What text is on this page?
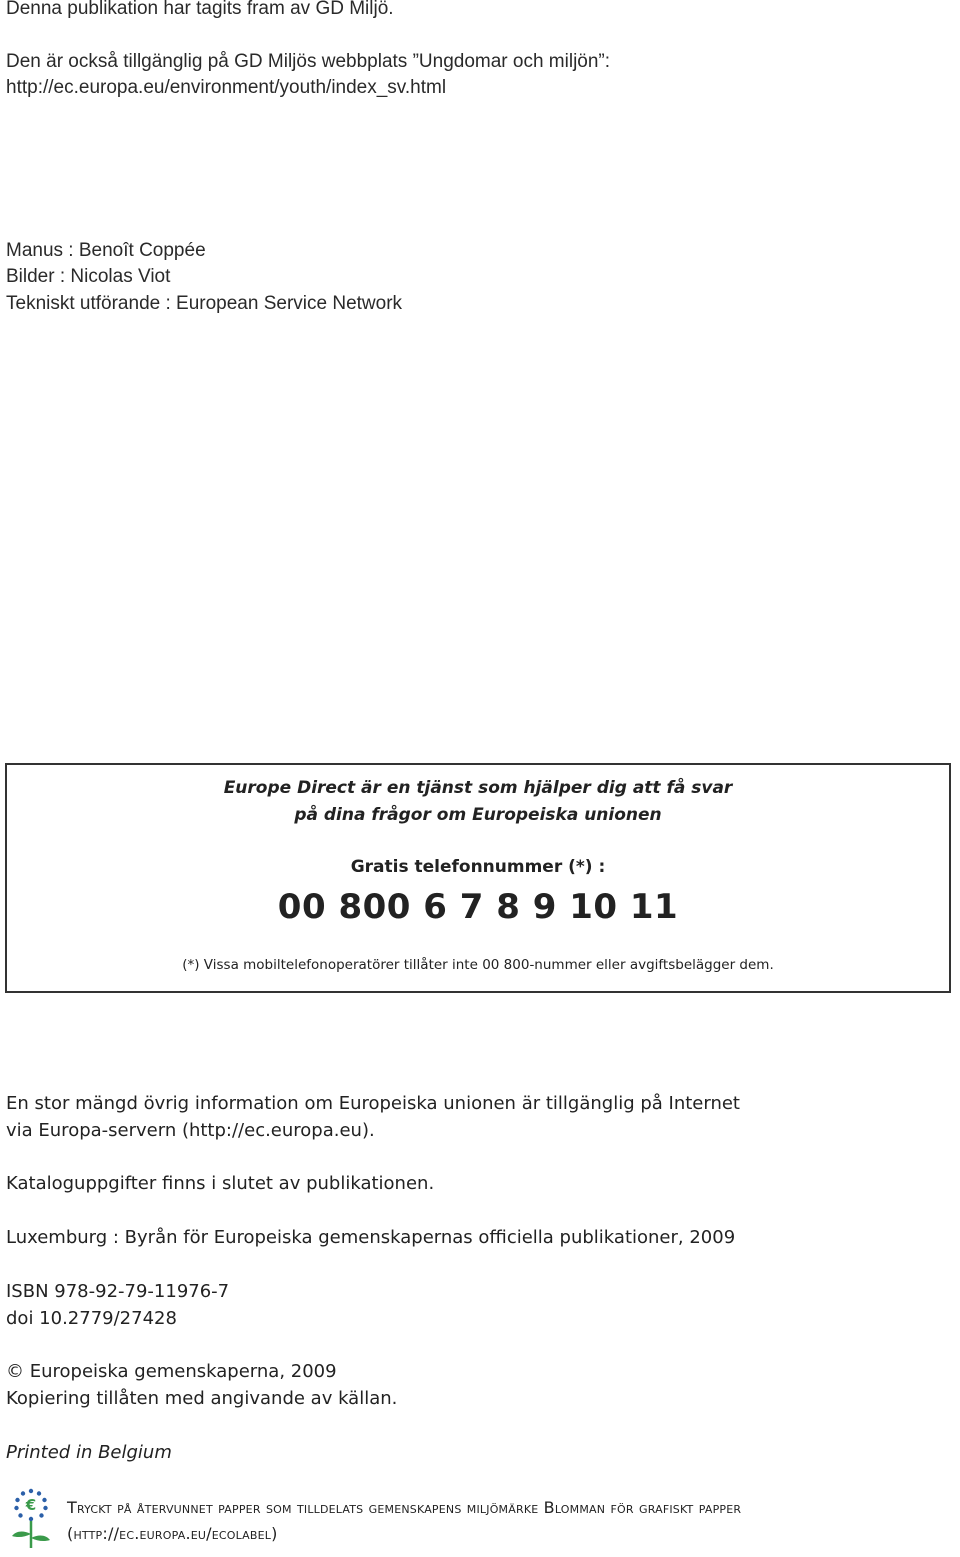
Denna publikation har tagits fram av GD Miljö.
Den är också tillgänglig på GD Miljös webbplats ”Ungdomar och miljön”:
http://ec.europa.eu/environment/youth/index_sv.html
Manus : Benoît Coppée
Bilder : Nicolas Viot
Tekniskt utförande : European Service Network
Europe Direct är en tjänst som hjälper dig att få svar
på dina frågor om Europeiska unionen
Gratis telefonnummer (*) :
00 800 6 7 8 9 10 11
(*) Vissa mobiltelefonoperatörer tillåter inte 00 800-nummer eller avgiftsbelägger dem.
En stor mängd övrig information om Europeiska unionen är tillgänglig på Internet
via Europa-servern (http://ec.europa.eu).
Kataloguppgifter finns i slutet av publikationen.
Luxemburg : Byrån för Europeiska gemenskapernas officiella publikationer, 2009
ISBN 978-92-79-11976-7
doi 10.2779/27428
© Europeiska gemenskaperna, 2009
Kopiering tillåten med angivande av källan.
Printed in Belgium
€ Tryckt på återvunnet papper som tilldelats gemenskapens miljömärke Blomman för grafiskt papper
(http://ec.europa.eu/ecolabel)
